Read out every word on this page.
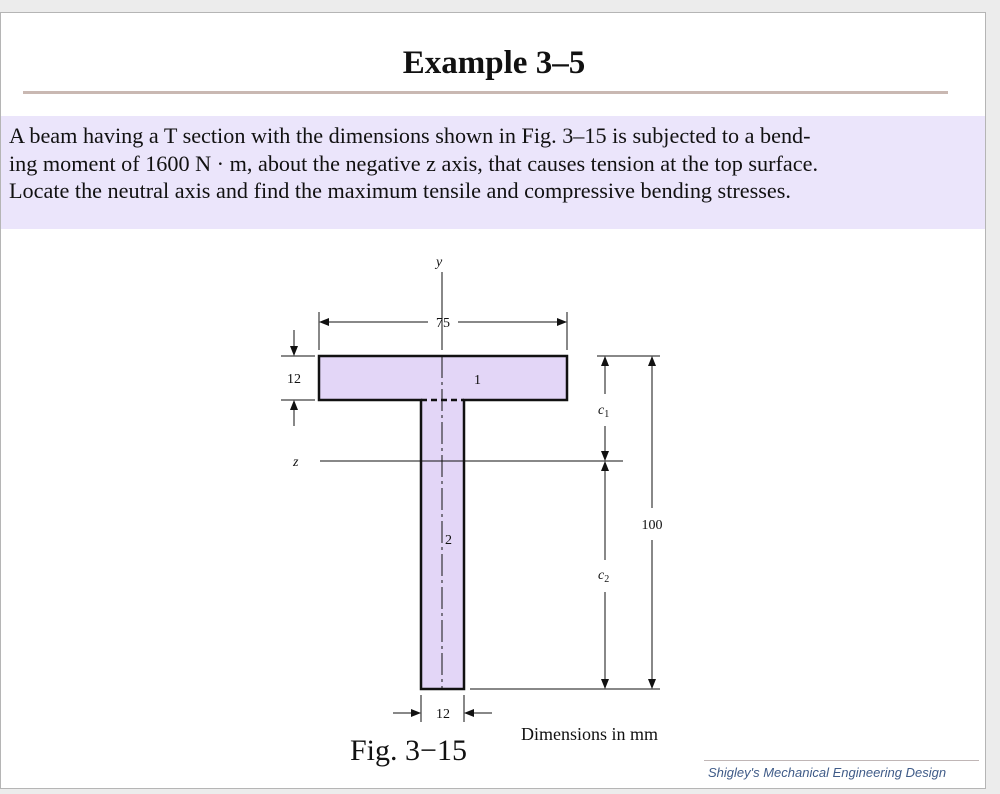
Example 3–5

A beam having a T section with the dimensions shown in Fig. 3–15 is subjected to a bend-

ing moment of 1600 N · m, about the negative z axis, that causes tension at the top surface.

Locate the neutral axis and find the maximum tensile and compressive bending stresses.

y
z
1
2
75
12
12
$c_1$
$c_2$
100
Fig. 3−15	Dimensions in mm
Shigley's Mechanical Engineering Design
